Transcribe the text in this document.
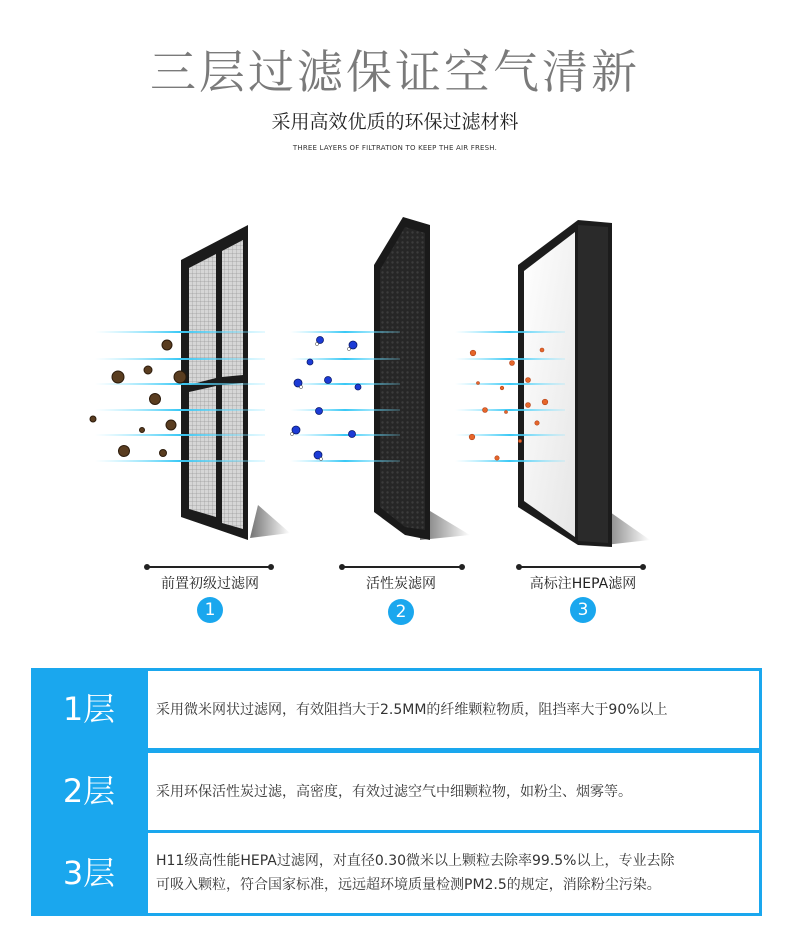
三层过滤保证空气清新
采用高效优质的环保过滤材料
THREE LAYERS OF FILTRATION TO KEEP THE AIR FRESH.
前置初级过滤网
1
活性炭滤网
2
高标注HEPA滤网
3
1层	采用微米网状过滤网，有效阻挡大于2.5MM的纤维颗粒物质，阻挡率大于90%以上
2层	采用环保活性炭过滤，高密度，有效过滤空气中细颗粒物，如粉尘、烟雾等。
3层	H11级高性能HEPA过滤网，对直径0.30微米以上颗粒去除率99.5%以上，专业去除
可吸入颗粒，符合国家标准，远远超环境质量检测PM2.5的规定，消除粉尘污染。
